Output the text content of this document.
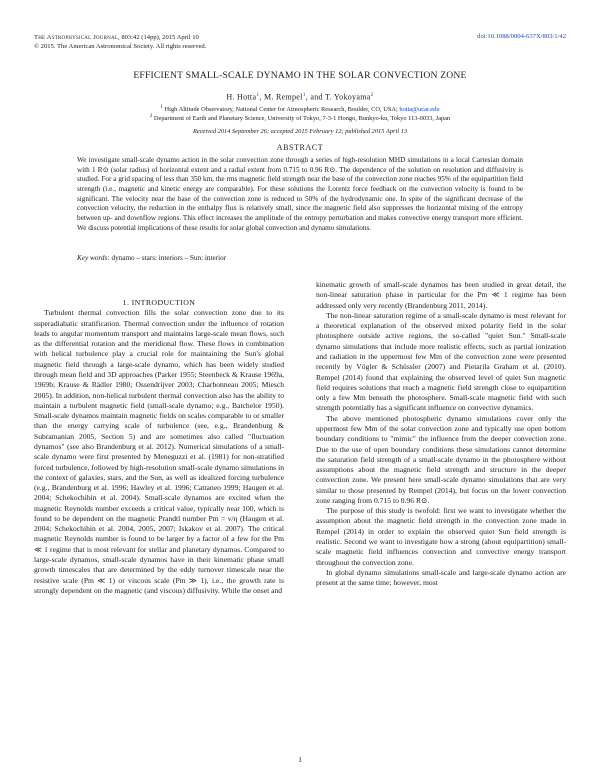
The Astrophysical Journal, 803:42 (14pp), 2015 April 10
© 2015. The American Astronomical Society. All rights reserved.
doi:10.1088/0004-637X/803/1/42
EFFICIENT SMALL-SCALE DYNAMO IN THE SOLAR CONVECTION ZONE
H. Hotta$^1$, M. Rempel$^1$, and T. Yokoyama$^2$
$^1$ High Altitude Observatory, National Center for Atmospheric Research, Boulder, CO, USA; hotta@ucar.edu
$^2$ Department of Earth and Planetary Science, University of Tokyo, 7-3-1 Hongo, Bunkyo-ku, Tokyo 113-0033, Japan
Received 2014 September 26; accepted 2015 February 12; published 2015 April 13
ABSTRACT

We investigate small-scale dynamo action in the solar convection zone through a series of high-resolution MHD simulations in a local Cartesian domain with 1 R⊙ (solar radius) of horizontal extent and a radial extent from 0.715 to 0.96 R⊙. The dependence of the solution on resolution and diffusivity is studied. For a grid spacing of less than 350 km, the rms magnetic field strength near the base of the convection zone reaches 95% of the equipartition field strength (i.e., magnetic and kinetic energy are comparable). For these solutions the Lorentz force feedback on the convection velocity is found to be significant. The velocity near the base of the convection zone is reduced to 50% of the hydrodynamic one. In spite of the significant decrease of the convection velocity, the reduction in the enthalpy flux is relatively small, since the magnetic field also suppresses the horizontal mixing of the entropy between up- and downflow regions. This effect increases the amplitude of the entropy perturbation and makes convective energy transport more efficient. We discuss potential implications of these results for solar global convection and dynamo simulations.

Key words: dynamo – stars: interiors – Sun: interior

1. INTRODUCTION

Turbulent thermal convection fills the solar convection zone due to its superadiabatic stratification. Thermal convection under the influence of rotation leads to angular momentum transport and maintains large-scale mean flows, such as the differential rotation and the meridional flow. These flows in combination with helical turbulence play a crucial role for maintaining the Sun's global magnetic field through a large-scale dynamo, which has been widely studied through mean field and 3D approaches (Parker 1955; Steenbeck & Krause 1969a, 1969b; Krause & Rädler 1980; Ossendrijver 2003; Charbonneau 2005; Miesch 2005). In addition, non-helical turbulent thermal convection also has the ability to maintain a turbulent magnetic field (small-scale dynamo; e.g., Batchelor 1950). Small-scale dynamos maintain magnetic fields on scales comparable to or smaller than the energy carrying scale of turbulence (see, e.g., Brandenburg & Subramanian 2005, Section 5) and are sometimes also called "fluctuation dynamos" (see also Brandenburg et al. 2012). Numerical simulations of a small-scale dynamo were first presented by Meneguzzi et al. (1981) for non-stratified forced turbulence, followed by high-resolution small-scale dynamo simulations in the context of galaxies, stars, and the Sun, as well as idealized forcing turbulence (e.g., Brandenburg et al. 1996; Hawley et al. 1996; Cattaneo 1999; Haugen et al. 2004; Schekochihin et al. 2004). Small-scale dynamos are excited when the magnetic Reynolds number exceeds a critical value, typically near 100, which is found to be dependent on the magnetic Prandtl number Pm = ν/η (Haugen et al. 2004; Schekochihin et al. 2004, 2005, 2007; Iskakov et al. 2007). The critical magnetic Reynolds number is found to be larger by a factor of a few for the Pm ≪ 1 regime that is most relevant for stellar and planetary dynamos. Compared to large-scale dynamos, small-scale dynamos have in their kinematic phase small growth timescales that are determined by the eddy turnover timescale near the resistive scale (Pm ≪ 1) or viscous scale (Pm ≫ 1), i.e., the growth rate is strongly dependent on the magnetic (and viscous) diffusivity. While the onset and

kinematic growth of small-scale dynamos has been studied in great detail, the non-linear saturation phase in particular for the Pm ≪ 1 regime has been addressed only very recently (Brandenburg 2011, 2014).

The non-linear saturation regime of a small-scale dynamo is most relevant for a theoretical explanation of the observed mixed polarity field in the solar photosphere outside active regions, the so-called "quiet Sun." Small-scale dynamo simulations that include more realistic effects, such as partial ionization and radiation in the uppermost few Mm of the convection zone were presented recently by Vögler & Schüssler (2007) and Pietarila Graham et al. (2010). Rempel (2014) found that explaining the observed level of quiet Sun magnetic field requires solutions that reach a magnetic field strength close to equipartition only a few Mm beneath the photosphere. Small-scale magnetic field with such strength potentially has a significant influence on convective dynamics.

The above mentioned photospheric dynamo simulations cover only the uppermost few Mm of the solar convection zone and typically use open bottom boundary conditions to "mimic" the influence from the deeper convection zone. Due to the use of open boundary conditions these simulations cannot determine the saturation field strength of a small-scale dynamo in the photosphere without assumptions about the magnetic field strength and structure in the deeper convection zone. We present here small-scale dynamo simulations that are very similar to those presented by Rempel (2014), but focus on the lower convection zone ranging from 0.715 to 0.96 R⊙.

The purpose of this study is twofold: first we want to investigate whether the assumption about the magnetic field strength in the convection zone made in Rempel (2014) in order to explain the observed quiet Sun field strength is realistic. Second we want to investigate how a strong (about equipartition) small-scale magnetic field influences convection and convective energy transport throughout the convection zone.

In global dynamo simulations small-scale and large-scale dynamo action are present at the same time; however, most

1
